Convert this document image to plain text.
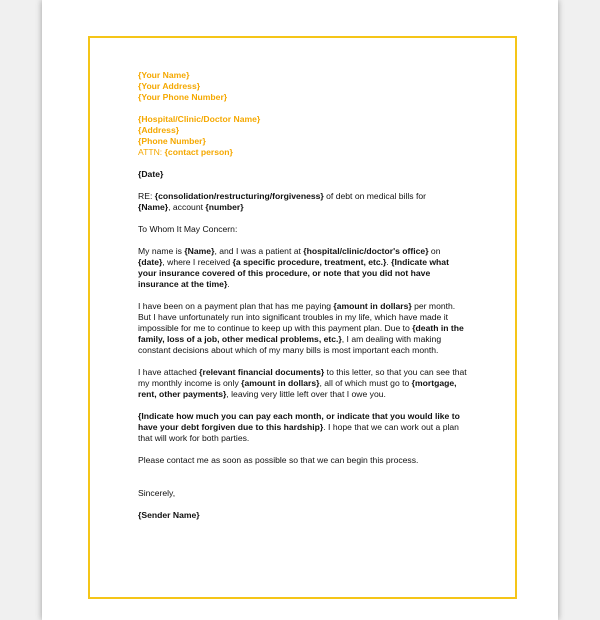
{Your Name}
{Your Address}
{Your Phone Number}
{Hospital/Clinic/Doctor Name}
{Address}
{Phone Number}
ATTN: {contact person}
{Date}
RE: {consolidation/restructuring/forgiveness} of debt on medical bills for
{Name}, account {number}
To Whom It May Concern:
My name is {Name}, and I was a patient at {hospital/clinic/doctor's office} on {date}, where I received {a specific procedure, treatment, etc.}. {Indicate what your insurance covered of this procedure, or note that you did not have insurance at the time}.
I have been on a payment plan that has me paying {amount in dollars} per month. But I have unfortunately run into significant troubles in my life, which have made it impossible for me to continue to keep up with this payment plan. Due to {death in the family, loss of a job, other medical problems, etc.}, I am dealing with making constant decisions about which of my many bills is most important each month.
I have attached {relevant financial documents} to this letter, so that you can see that my monthly income is only {amount in dollars}, all of which must go to {mortgage, rent, other payments}, leaving very little left over that I owe you.
{Indicate how much you can pay each month, or indicate that you would like to have your debt forgiven due to this hardship}. I hope that we can work out a plan that will work for both parties.
Please contact me as soon as possible so that we can begin this process.
Sincerely,
{Sender Name}
